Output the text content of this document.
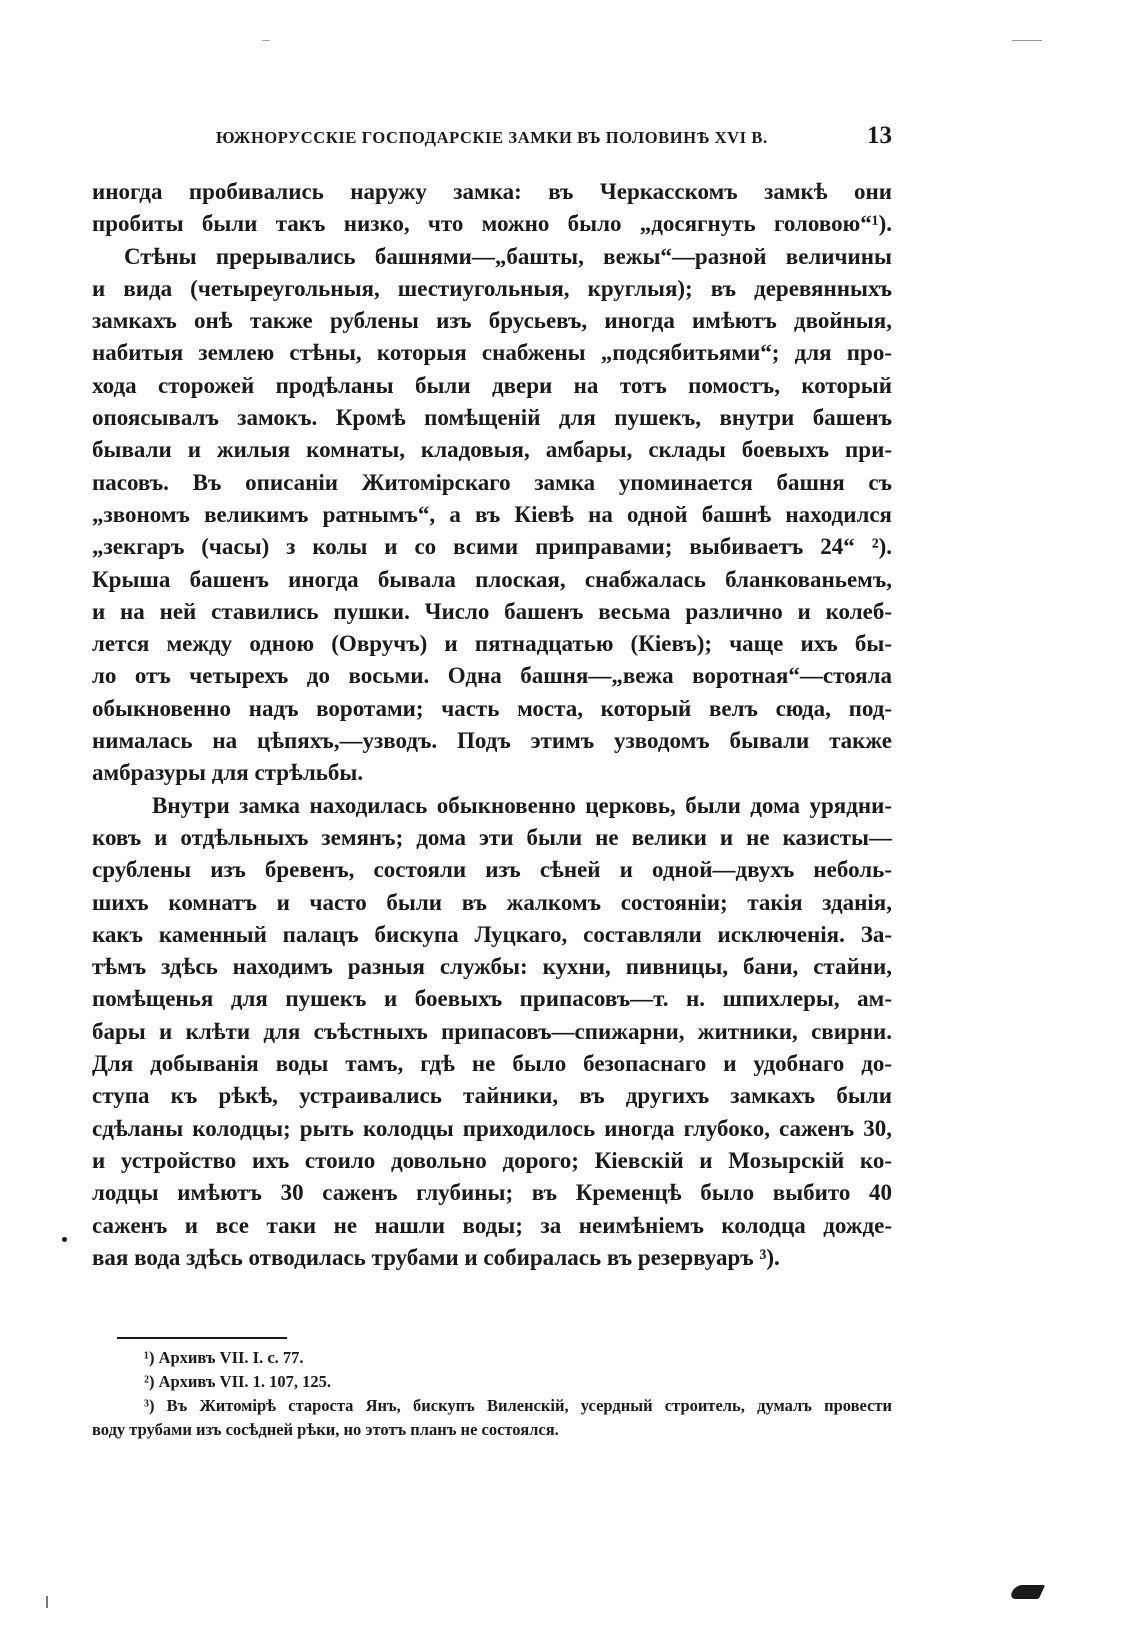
ЮЖНОРУССКІЕ ГОСПОДАРСКІЕ ЗАМКИ ВЪ ПОЛОВИНѢ XVI В.	13
иногда пробивались наружу замка: въ Черкасскомъ замкѣ они
пробиты были такъ низко, что можно было „досягнуть головою“¹).
Стѣны прерывались башнями—„башты, вежы“—разной величины
и вида (четыреугольныя, шестиугольныя, круглыя); въ деревянныхъ
замкахъ онѣ также рублены изъ брусьевъ, иногда имѣютъ двойныя,
набитыя землею стѣны, которыя снабжены „подсябитьями“; для про-
хода сторожей продѣланы были двери на тотъ помостъ, который
опоясывалъ замокъ. Кромѣ помѣщеній для пушекъ, внутри башенъ
бывали и жилыя комнаты, кладовыя, амбары, склады боевыхъ при-
пасовъ. Въ описаніи Житомірскаго замка упоминается башня съ
„звономъ великимъ ратнымъ“, а въ Кіевѣ на одной башнѣ находился
„зекгаръ (часы) з колы и со всими приправами; выбиваетъ 24“ ²).
Крыша башенъ иногда бывала плоская, снабжалась бланкованьемъ,
и на ней ставились пушки. Число башенъ весьма различно и колеб-
лется между одною (Овручъ) и пятнадцатью (Кіевъ); чаще ихъ бы-
ло отъ четырехъ до восьми. Одна башня—„вежа воротная“—стояла
обыкновенно надъ воротами; часть моста, который велъ сюда, под-
нималась на цѣпяхъ,—узводъ. Подъ этимъ узводомъ бывали также
амбразуры для стрѣльбы.
Внутри замка находилась обыкновенно церковь, были дома урядни-
ковъ и отдѣльныхъ земянъ; дома эти были не велики и не казисты—
срублены изъ бревенъ, состояли изъ сѣней и одной—двухъ неболь-
шихъ комнатъ и часто были въ жалкомъ состояніи; такія зданія,
какъ каменный палацъ бискупа Луцкаго, составляли исключенія. За-
тѣмъ здѣсь находимъ разныя службы: кухни, пивницы, бани, стайни,
помѣщенья для пушекъ и боевыхъ припасовъ—т. н. шпихлеры, ам-
бары и клѣти для съѣстныхъ припасовъ—спижарни, житники, свирни.
Для добыванія воды тамъ, гдѣ не было безопаснаго и удобнаго до-
ступа къ рѣкѣ, устраивались тайники, въ другихъ замкахъ были
сдѣланы колодцы; рыть колодцы приходилось иногда глубоко, саженъ 30,
и устройство ихъ стоило довольно дорого; Кіевскій и Мозырскій ко-
лодцы имѣютъ 30 саженъ глубины; въ Кременцѣ было выбито 40
саженъ и все таки не нашли воды; за неимѣніемъ колодца дожде-
вая вода здѣсь отводилась трубами и собиралась въ резервуаръ ³).
¹) Архивъ VII. I. с. 77.
²) Архивъ VII. 1. 107, 125.
³) Въ Житомірѣ староста Янъ, бискупъ Виленскій, усердный строитель, думалъ провести
воду трубами изъ сосѣдней рѣки, но этотъ планъ не состоялся.
